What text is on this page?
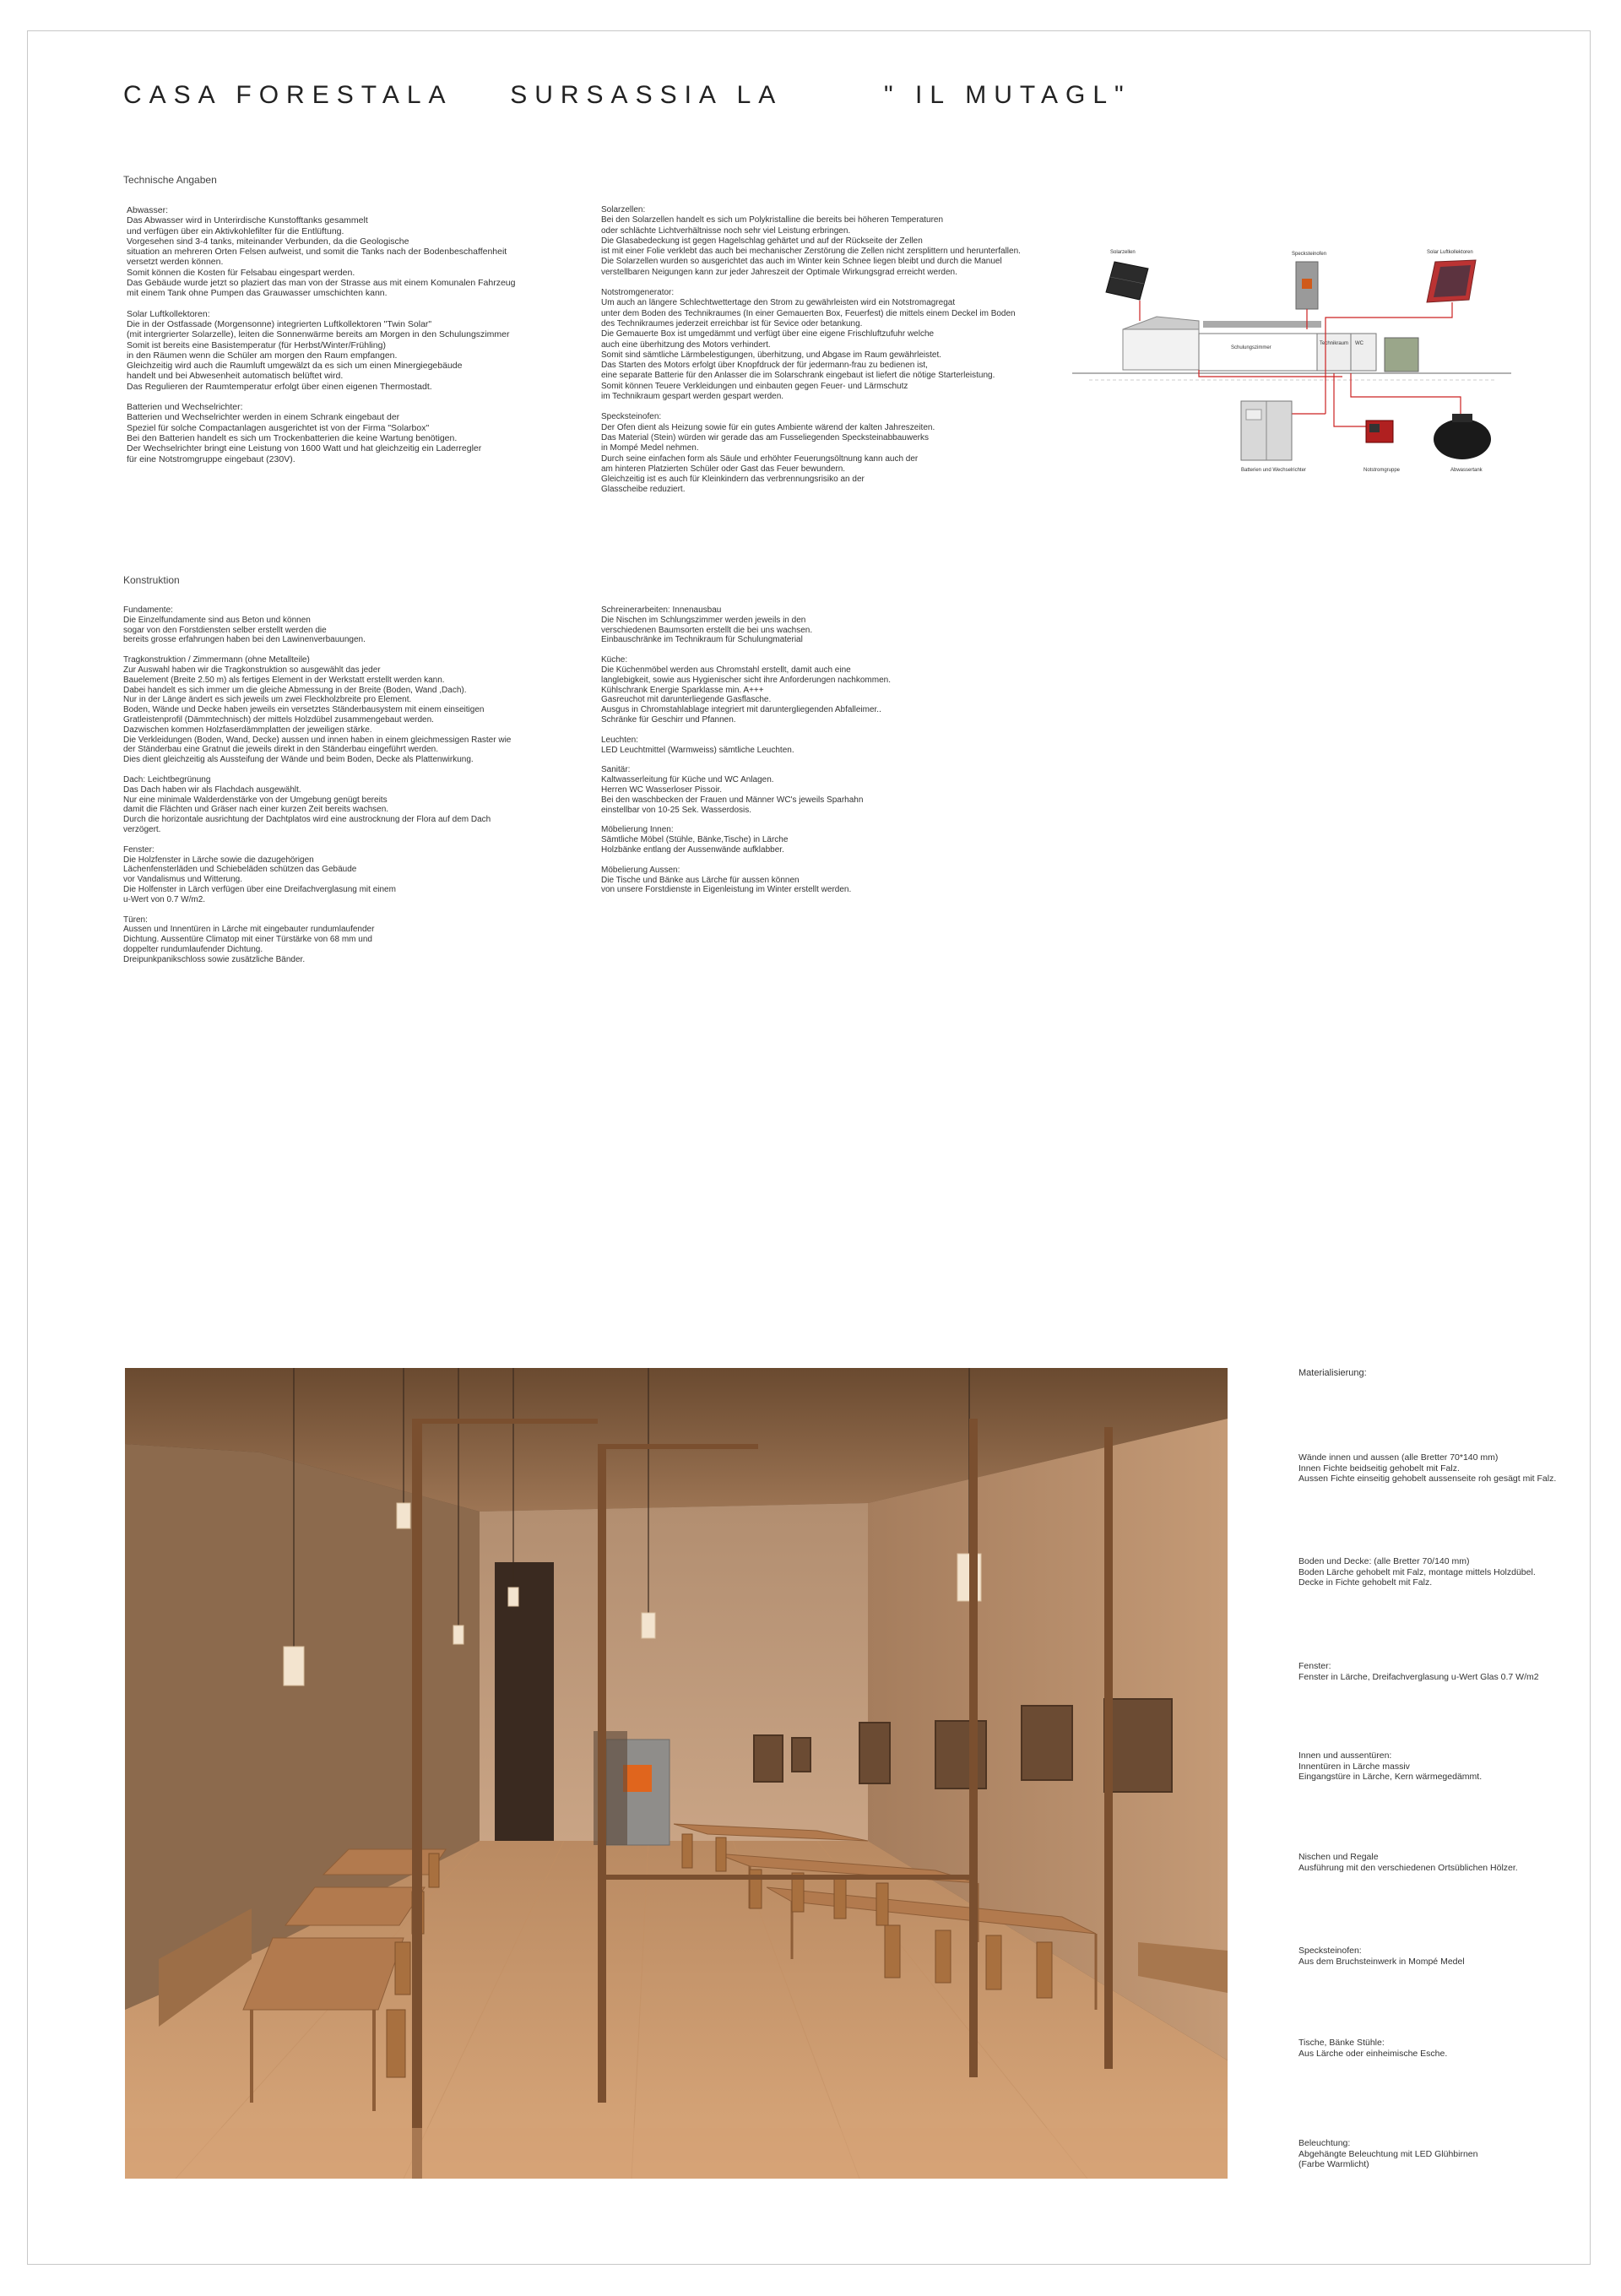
CASA FORESTALA    SURSASSIA LA       " IL MUTAGL"
Technische Angaben

Abwasser:
Das Abwasser wird in Unterirdische Kunstofftanks gesammelt
und verfügen über ein Aktivkohlefilter für die Entlüftung.
Vorgesehen sind 3-4 tanks, miteinander Verbunden, da die Geologische
situation an mehreren Orten Felsen aufweist, und somit die Tanks nach der Bodenbeschaffenheit
versetzt werden können.
Somit können die Kosten für Felsabau eingespart werden.
Das Gebäude wurde jetzt so plaziert das man von der Strasse aus mit einem Komunalen Fahrzeug
mit einem Tank ohne Pumpen das Grauwasser umschichten kann.

Solar Luftkollektoren:
Die in der Ostfassade (Morgensonne) integrierten Luftkollektoren "Twin Solar"
(mit intergrierter Solarzelle), leiten die Sonnenwärme bereits am Morgen in den Schulungszimmer
Somit ist bereits eine Basistemperatur (für Herbst/Winter/Frühling)
in den Räumen wenn die Schüler am morgen den Raum empfangen.
Gleichzeitig wird auch die Raumluft umgewälzt da es sich um einen Minergiegebäude
handelt und bei Abwesenheit automatisch belüftet wird.
Das Regulieren der Raumtemperatur erfolgt über einen eigenen Thermostadt.

Batterien und Wechselrichter:
Batterien und Wechselrichter werden in einem Schrank eingebaut der
Speziel für solche Compactanlagen ausgerichtet ist von der Firma "Solarbox"
Bei den Batterien handelt es sich um Trockenbatterien die keine Wartung benötigen.
Der Wechselrichter bringt eine Leistung von 1600 Watt und hat gleichzeitig ein Laderregler
für eine Notstromgruppe eingebaut (230V).

Solarzellen:
Bei den Solarzellen handelt es sich um Polykristalline die bereits bei höheren Temperaturen
oder schlächte Lichtverhältnisse noch sehr viel Leistung erbringen.
Die Glasabedeckung ist gegen Hagelschlag gehärtet und auf der Rückseite der Zellen
ist mit einer Folie verklebt das auch bei mechanischer Zerstörung die Zellen nicht zersplittern und herunterfallen.
Die Solarzellen wurden so ausgerichtet das auch im Winter kein Schnee liegen bleibt und durch die Manuel
verstellbaren Neigungen kann zur jeder Jahreszeit der Optimale Wirkungsgrad erreicht werden.

Notstromgenerator:
Um auch an längere Schlechtwettertage den Strom zu gewährleisten wird ein Notstromagregat
unter dem Boden des Technikraumes (In einer Gemauerten Box, Feuerfest) die mittels einem Deckel im Boden
des Technikraumes jederzeit erreichbar ist für Sevice oder betankung.
Die Gemauerte Box ist umgedämmt und verfügt über eine eigene Frischluftzufuhr welche
auch eine überhitzung des Motors verhindert.
Somit sind sämtliche Lärmbelestigungen, überhitzung, und Abgase im Raum gewährleistet.
Das Starten des Motors erfolgt über Knopfdruck der für jedermann-frau zu bedienen ist,
eine separate Batterie für den Anlasser die im Solarschrank eingebaut ist liefert die nötige Starterleistung.
Somit können Teuere Verkleidungen und einbauten gegen Feuer- und Lärmschutz
im Technikraum gespart werden gespart werden.

Specksteinofen:
Der Ofen dient als Heizung sowie für ein gutes Ambiente wärend der kalten Jahreszeiten.
Das Material (Stein) würden wir gerade das am Fusseliegenden Specksteinabbauwerks
in Mompé Medel nehmen.
Durch seine einfachen form als Säule und erhöhter Feuerungsöltnung kann auch der
am hinteren Platzierten Schüler oder Gast das Feuer bewundern.
Gleichzeitig ist es auch für Kleinkindern das verbrennungsrisiko an der
Glasscheibe reduziert.

Solarzellen	Specksteinofen	Solar Luftkollektoren
Schulungszimmer
Technikraum WC
Batterien und Wechselrichter	Notstromgruppe	Abwassertank
Konstruktion

Fundamente:
Die Einzelfundamente sind aus Beton und können
sogar von den Forstdiensten selber erstellt werden die
bereits grosse erfahrungen haben bei den Lawinenverbauungen.

Tragkonstruktion / Zimmermann (ohne Metallteile)
Zur Auswahl haben wir die Tragkonstruktion so ausgewählt das jeder
Bauelement (Breite 2.50 m) als fertiges Element in der Werkstatt erstellt werden kann.
Dabei handelt es sich immer um die gleiche Abmessung in der Breite (Boden, Wand ,Dach).
Nur in der Länge ändert es sich jeweils um zwei Fleckholzbreite pro Element.
Boden, Wände und Decke haben jeweils ein versetztes Ständerbausystem mit einem einseitigen
Gratleistenprofil (Dämmtechnisch) der mittels Holzdübel zusammengebaut werden.
Dazwischen kommen Holzfaserdämmplatten der jeweiligen stärke.
Die Verkleidungen (Boden, Wand, Decke) aussen und innen haben in einem gleichmessigen Raster wie
der Ständerbau eine Gratnut die jeweils direkt in den Ständerbau eingeführt werden.
Dies dient gleichzeitig als Aussteifung der Wände und beim Boden, Decke als Plattenwirkung.

Dach: Leichtbegrünung
Das Dach haben wir als Flachdach ausgewählt.
Nur eine minimale Walderdenstärke von der Umgebung genügt bereits
damit die Flächten und Gräser nach einer kurzen Zeit bereits wachsen.
Durch die horizontale ausrichtung der Dachtplatos wird eine austrocknung der Flora auf dem Dach
verzögert.

Fenster:
Die Holzfenster in Lärche sowie die dazugehörigen
Lächenfensterläden und Schiebeläden schützen das Gebäude
vor Vandalismus und Witterung.
Die Holfenster in Lärch verfügen über eine Dreifachverglasung mit einem
u-Wert von 0.7 W/m2.

Türen:
Aussen und Innentüren in Lärche mit eingebauter rundumlaufender
Dichtung. Aussentüre Climatop mit einer Türstärke von 68 mm und
doppelter rundumlaufender Dichtung.
Dreipunkpanikschloss sowie zusätzliche Bänder.

Schreinerarbeiten: Innenausbau
Die Nischen im Schlungszimmer werden jeweils in den
verschiedenen Baumsorten erstellt die bei uns wachsen.
Einbauschränke im Technikraum für Schulungmaterial

Küche:
Die Küchenmöbel werden aus Chromstahl erstellt, damit auch eine
langlebigkeit, sowie aus Hygienischer sicht ihre Anforderungen nachkommen.
Kühlschrank Energie Sparklasse min. A+++
Gasreuchot mit darunterliegende Gasflasche.
Ausgus in Chromstahlablage integriert mit daruntergliegenden Abfalleimer..
Schränke für Geschirr und Pfannen.

Leuchten:
LED Leuchtmittel (Warmweiss) sämtliche Leuchten.

Sanitär:
Kaltwasserleitung für Küche und WC Anlagen.
Herren WC Wasserloser Pissoir.
Bei den waschbecken der Frauen und Männer WC's jeweils Sparhahn
einstellbar von 10-25 Sek. Wasserdosis.

Möbelierung Innen:
Sämtliche Möbel (Stühle, Bänke,Tische) in Lärche
Holzbänke entlang der Aussenwände aufklabber.

Möbelierung Aussen:
Die Tische und Bänke aus Lärche für aussen können
von unsere Forstdienste in Eigenleistung im Winter erstellt werden.

Materialisierung:
Wände innen und aussen (alle Bretter 70*140 mm)
Innen Fichte beidseitig gehobelt mit Falz.
Aussen Fichte einseitig gehobelt aussenseite roh gesägt mit Falz.
Boden und Decke: (alle Bretter 70/140 mm)
Boden Lärche gehobelt mit Falz, montage mittels Holzdübel.
Decke in Fichte gehobelt mit Falz.
Fenster:
Fenster in Lärche, Dreifachverglasung u-Wert Glas 0.7 W/m2
Innen und aussentüren:
Innentüren in Lärche massiv
Eingangstüre in Lärche, Kern wärmegedämmt.
Nischen und Regale
Ausführung mit den verschiedenen Ortsüblichen Hölzer.
Specksteinofen:
Aus dem Bruchsteinwerk in Mompé Medel
Tische, Bänke Stühle:
Aus Lärche oder einheimische Esche.
Beleuchtung:
Abgehängte Beleuchtung mit LED Glühbirnen
(Farbe Warmlicht)
